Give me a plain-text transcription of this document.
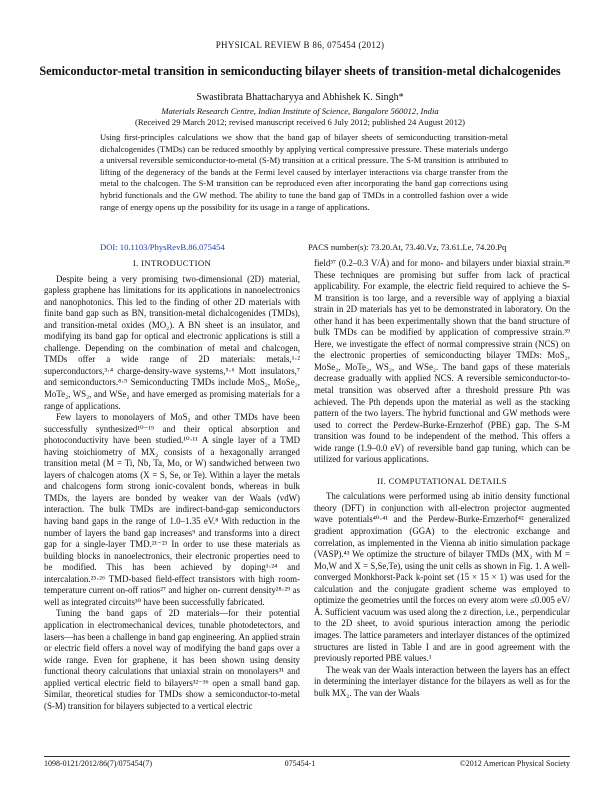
PHYSICAL REVIEW B 86, 075454 (2012)
Semiconductor-metal transition in semiconducting bilayer sheets of transition-metal dichalcogenides
Swastibrata Bhattacharyya and Abhishek K. Singh*
Materials Research Centre, Indian Institute of Science, Bangalore 560012, India
(Received 29 March 2012; revised manuscript received 6 July 2012; published 24 August 2012)
Using first-principles calculations we show that the band gap of bilayer sheets of semiconducting transition-metal dichalcogenides (TMDs) can be reduced smoothly by applying vertical compressive pressure. These materials undergo a universal reversible semiconductor-to-metal (S-M) transition at a critical pressure. The S-M transition is attributed to lifting of the degeneracy of the bands at the Fermi level caused by interlayer interactions via charge transfer from the metal to the chalcogen. The S-M transition can be reproduced even after incorporating the band gap corrections using hybrid functionals and the GW method. The ability to tune the band gap of TMDs in a controlled fashion over a wide range of energy opens up the possibility for its usage in a range of applications.
DOI: 10.1103/PhysRevB.86.075454	PACS number(s): 73.20.At, 73.40.Vz, 73.61.Le, 74.20.Pq

I. INTRODUCTION

Despite being a very promising two-dimensional (2D) material, gapless graphene has limitations for its applications in nanoelectronics and nanophotonics. This led to the finding of other 2D materials with finite band gap such as BN, transition-metal dichalcogenides (TMDs), and transition-metal oxides (MO₂). A BN sheet is an insulator, and modifying its band gap for optical and electronic applications is still a challenge. Depending on the combination of metal and chalcogen, TMDs offer a wide range of 2D materials: metals,¹·² superconductors,³·⁴ charge-density-wave systems,⁵·⁶ Mott insulators,⁷ and semiconductors.⁸·⁹ Semiconducting TMDs include MoS₂, MoSe₂, MoTe₂, WS₂, and WSe₂ and have emerged as promising materials for a range of applications.

Few layers to monolayers of MoS₂ and other TMDs have been successfully synthesized¹⁰⁻¹⁹ and their optical absorption and photoconductivity have been studied.¹⁰·¹¹ A single layer of a TMD having stoichiometry of MX₂ consists of a hexagonally arranged transition metal (M = Ti, Nb, Ta, Mo, or W) sandwiched between two layers of chalcogen atoms (X = S, Se, or Te). Within a layer the metals and chalcogens form strong ionic-covalent bonds, whereas in bulk TMDs, the layers are bonded by weaker van der Waals (vdW) interaction. The bulk TMDs are indirect-band-gap semiconductors having band gaps in the range of 1.0–1.35 eV.⁸ With reduction in the number of layers the band gap increases⁹ and transforms into a direct gap for a single-layer TMD.²¹⁻²³ In order to use these materials as building blocks in nanoelectronics, their electronic properties need to be modified. This has been achieved by doping¹·²⁴ and intercalation.²⁵·²⁶ TMD-based field-effect transistors with high room-temperature current on-off ratios²⁷ and higher on- current density²⁸·²⁹ as well as integrated circuits³⁰ have been successfully fabricated.

Tuning the band gaps of 2D materials—for their potential application in electromechanical devices, tunable photodetectors, and lasers—has been a challenge in band gap engineering. An applied strain or electric field offers a novel way of modifying the band gaps over a wide range. Even for graphene, it has been shown using density functional theory calculations that uniaxial strain on monolayers³¹ and applied vertical electric field to bilayers³²⁻³⁶ open a small band gap. Similar, theoretical studies for TMDs show a semiconductor-to-metal (S-M) transition for bilayers subjected to a vertical electric

field³⁷ (0.2–0.3 V/Å) and for mono- and bilayers under biaxial strain.³⁸ These techniques are promising but suffer from lack of practical applicability. For example, the electric field required to achieve the S-M transition is too large, and a reversible way of applying a biaxial strain in 2D materials has yet to be demonstrated in laboratory. On the other hand it has been experimentally shown that the band structure of bulk TMDs can be modified by application of compressive strain.³⁹ Here, we investigate the effect of normal compressive strain (NCS) on the electronic properties of semiconducting bilayer TMDs: MoS₂, MoSe₂, MoTe₂, WS₂, and WSe₂. The band gaps of these materials decrease gradually with applied NCS. A reversible semiconductor-to-metal transition was observed after a threshold pressure Pth was achieved. The Pth depends upon the material as well as the stacking pattern of the two layers. The hybrid functional and GW methods were used to correct the Perdew-Burke-Ernzerhof (PBE) gap. The S-M transition was found to be independent of the method. This offers a wide range (1.9–0.0 eV) of reversible band gap tuning, which can be utilized for various applications.

II. COMPUTATIONAL DETAILS

The calculations were performed using ab initio density functional theory (DFT) in conjunction with all-electron projector augmented wave potentials⁴⁰·⁴¹ and the Perdew-Burke-Ernzerhof⁴² generalized gradient approximation (GGA) to the electronic exchange and correlation, as implemented in the Vienna ab initio simulation package (VASP).⁴³ We optimize the structure of bilayer TMDs (MX₂ with M = Mo,W and X = S,Se,Te), using the unit cells as shown in Fig. 1. A well-converged Monkhorst-Pack k-point set (15 × 15 × 1) was used for the calculation and the conjugate gradient scheme was employed to optimize the geometries until the forces on every atom were ≤0.005 eV/Å. Sufficient vacuum was used along the z direction, i.e., perpendicular to the 2D sheet, to avoid spurious interaction among the periodic images. The lattice parameters and interlayer distances of the optimized structures are listed in Table I and are in good agreement with the previously reported PBE values.¹

The weak van der Waals interaction between the layers has an effect in determining the interlayer distance for the bilayers as well as for the bulk MX₂. The van der Waals

1098-0121/2012/86(7)/075454(7)	075454-1	©2012 American Physical Society
